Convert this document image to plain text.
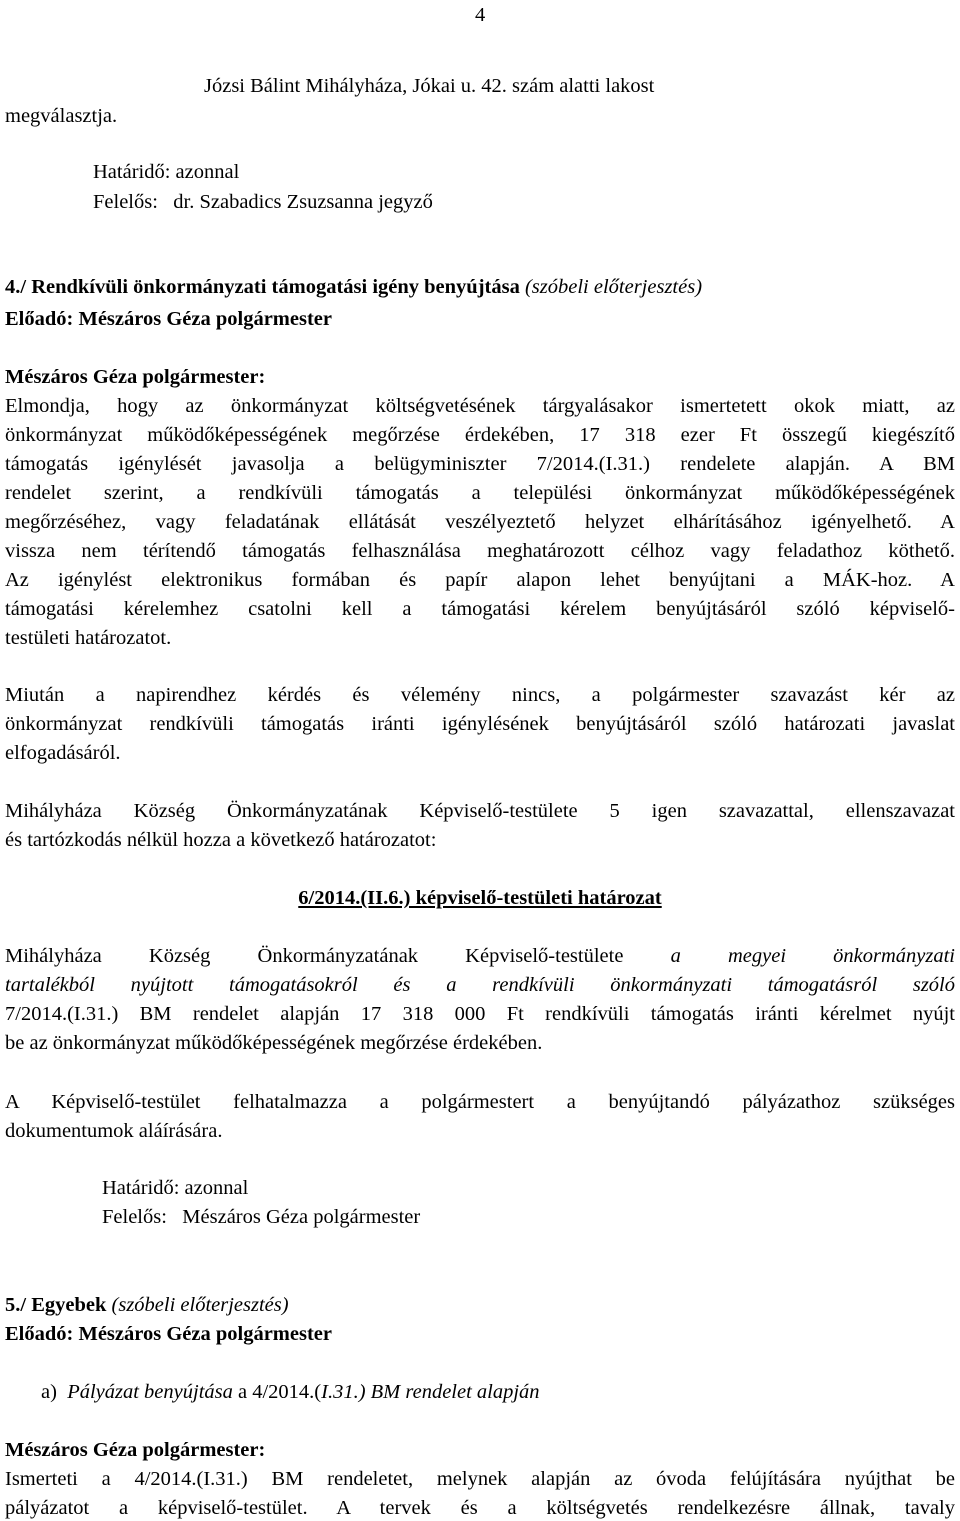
4
Józsi Bálint Mihályháza, Jókai u. 42. szám alatti lakost
megválasztja.
Határidő: azonnal
Felelős:   dr. Szabadics Zsuzsanna jegyző
4./ Rendkívüli önkormányzati támogatási igény benyújtása (szóbeli előterjesztés)
Előadó: Mészáros Géza polgármester
Mészáros Géza polgármester:
Elmondja, hogy az önkormányzat költségvetésének tárgyalásakor ismertetett okok miatt, az
önkormányzat működőképességének megőrzése érdekében, 17 318 ezer Ft összegű kiegészítő
támogatás igénylését javasolja a belügyminiszter 7/2014.(I.31.) rendelete alapján. A BM
rendelet szerint, a rendkívüli támogatás a települési önkormányzat működőképességének
megőrzéséhez, vagy feladatának ellátását veszélyeztető helyzet elhárításához igényelhető. A
vissza nem térítendő támogatás felhasználása meghatározott célhoz vagy feladathoz köthető.
Az igénylést elektronikus formában és papír alapon lehet benyújtani a MÁK-hoz. A
támogatási kérelemhez csatolni kell a támogatási kérelem benyújtásáról szóló képviselő-
testületi határozatot.
Miután a napirendhez kérdés és vélemény nincs, a polgármester szavazást kér az
önkormányzat rendkívüli támogatás iránti igénylésének benyújtásáról szóló határozati javaslat
elfogadásáról.
Mihályháza Község Önkormányzatának Képviselő-testülete 5 igen szavazattal, ellenszavazat
és tartózkodás nélkül hozza a következő határozatot:
6/2014.(II.6.) képviselő-testületi határozat
Mihályháza Község Önkormányzatának Képviselő-testülete a megyei önkormányzati
tartalékból nyújtott támogatásokról és a rendkívüli önkormányzati támogatásról szóló
7/2014.(I.31.) BM rendelet alapján 17 318 000 Ft rendkívüli támogatás iránti kérelmet nyújt
be az önkormányzat működőképességének megőrzése érdekében.
A Képviselő-testület felhatalmazza a polgármestert a benyújtandó pályázathoz szükséges
dokumentumok aláírására.
Határidő: azonnal
Felelős:   Mészáros Géza polgármester
5./ Egyebek (szóbeli előterjesztés)
Előadó: Mészáros Géza polgármester
a) Pályázat benyújtása a 4/2014.(I.31.) BM rendelet alapján
Mészáros Géza polgármester:
Ismerteti a 4/2014.(I.31.) BM rendeletet, melynek alapján az óvoda felújítására nyújthat be
pályázatot a képviselő-testület. A tervek és a költségvetés rendelkezésre állnak, tavaly
